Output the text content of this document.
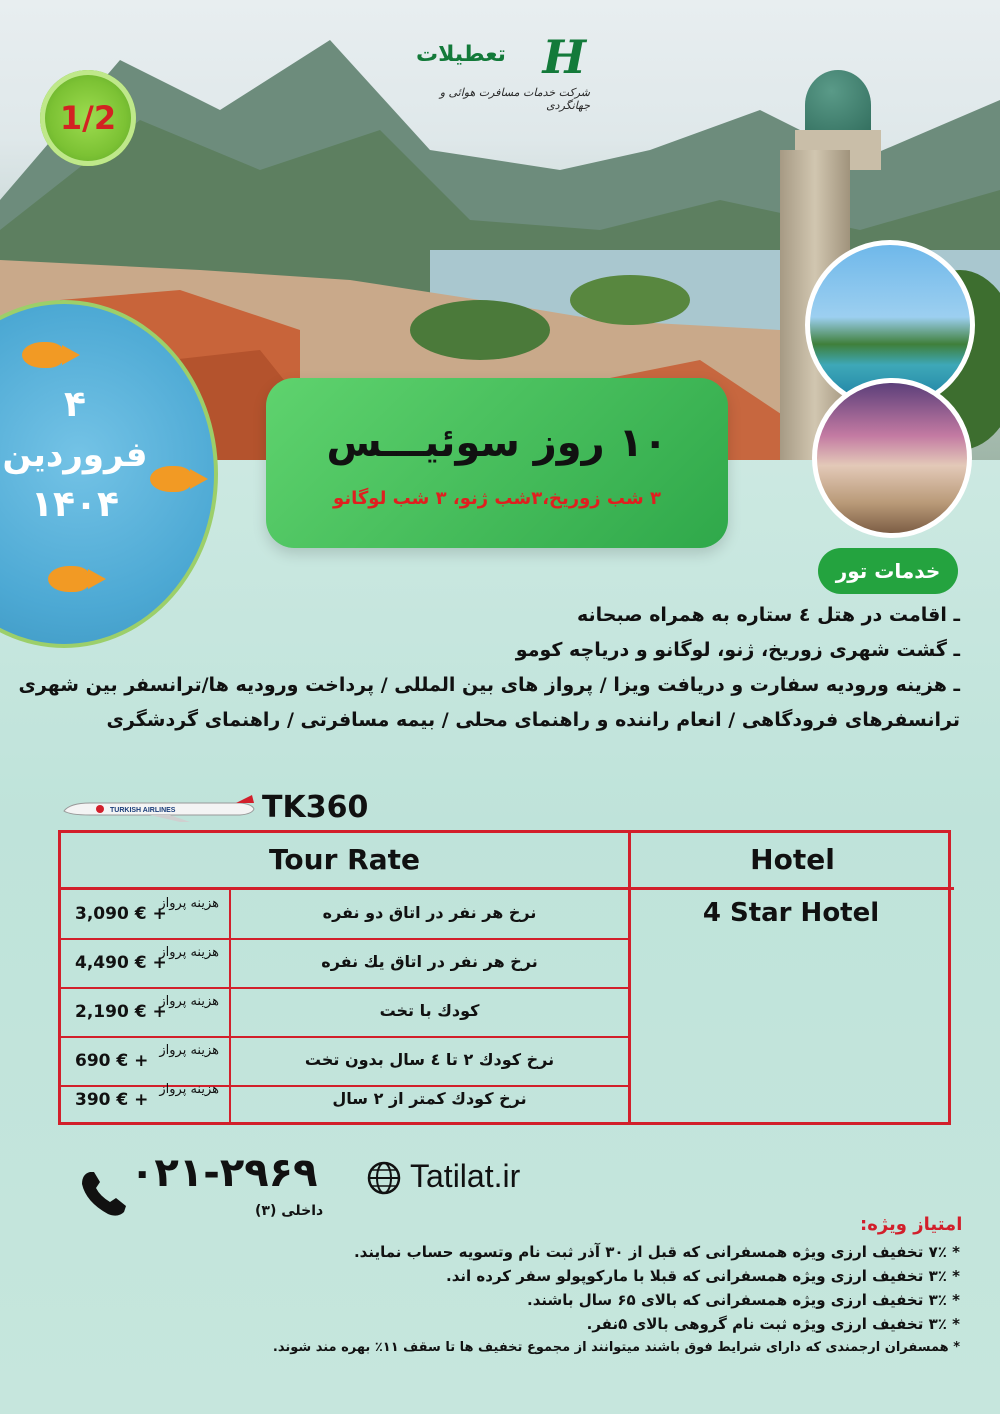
H
تعطیلات
شرکت خدمات مسافرت هوائی و جهانگردی
1/2
۴
فروردین
۱۴۰۴
۱۰ روز سوئیـــس
۳ شب زوریخ،۳شب ژنو، ۳ شب لوگانو
خدمات تور
ـ اقامت در هتل ٤ ستاره به همراه صبحانه
ـ گشت شهری زوریخ، ژنو، لوگانو و دریاچه کومو
ـ هزینه ورودیه سفارت و دریافت ویزا / پرواز های بین المللی / پرداخت ورودیه ها/ترانسفر بین شهری
ترانسفرهای فرودگاهی / انعام راننده و راهنمای محلی / بیمه مسافرتی / راهنمای گردشگری
TURKISH AIRLINES	TK360
Tour Rate	Hotel
4 Star Hotel
هزینه پرواز
3,090 € +	نرخ هر نفر در اتاق دو نفره
هزینه پرواز
4,490 € +	نرخ هر نفر در اتاق یك نفره
هزینه پرواز
2,190 € +	کودك با تخت
هزینه پرواز
690 € +	نرخ کودك ۲ تا ٤ سال بدون تخت
هزینه پرواز
390 € +	نرخ کودك کمتر از ۲ سال
۰۲۱-۲۹۶۹
داخلی (۳)
Tatilat.ir
امتیاز ویژه:
* ۷٪ تخفیف ارزی ویژه همسفرانی که قبل از ۳۰ آذر ثبت نام وتسویه حساب نمایند.
* ۳٪ تخفیف ارزی ویژه همسفرانی که قبلا با مارکوپولو سفر کرده اند.
* ۳٪ تخفیف ارزی ویژه همسفرانی که بالای ۶۵ سال باشند.
* ۳٪ تخفیف ارزی ویژه ثبت نام گروهی بالای ۵نفر.
* همسفران ارجمندی که دارای شرایط فوق باشند میتوانند از مجموع تخفیف ها تا سقف ۱۱٪ بهره مند شوند.
